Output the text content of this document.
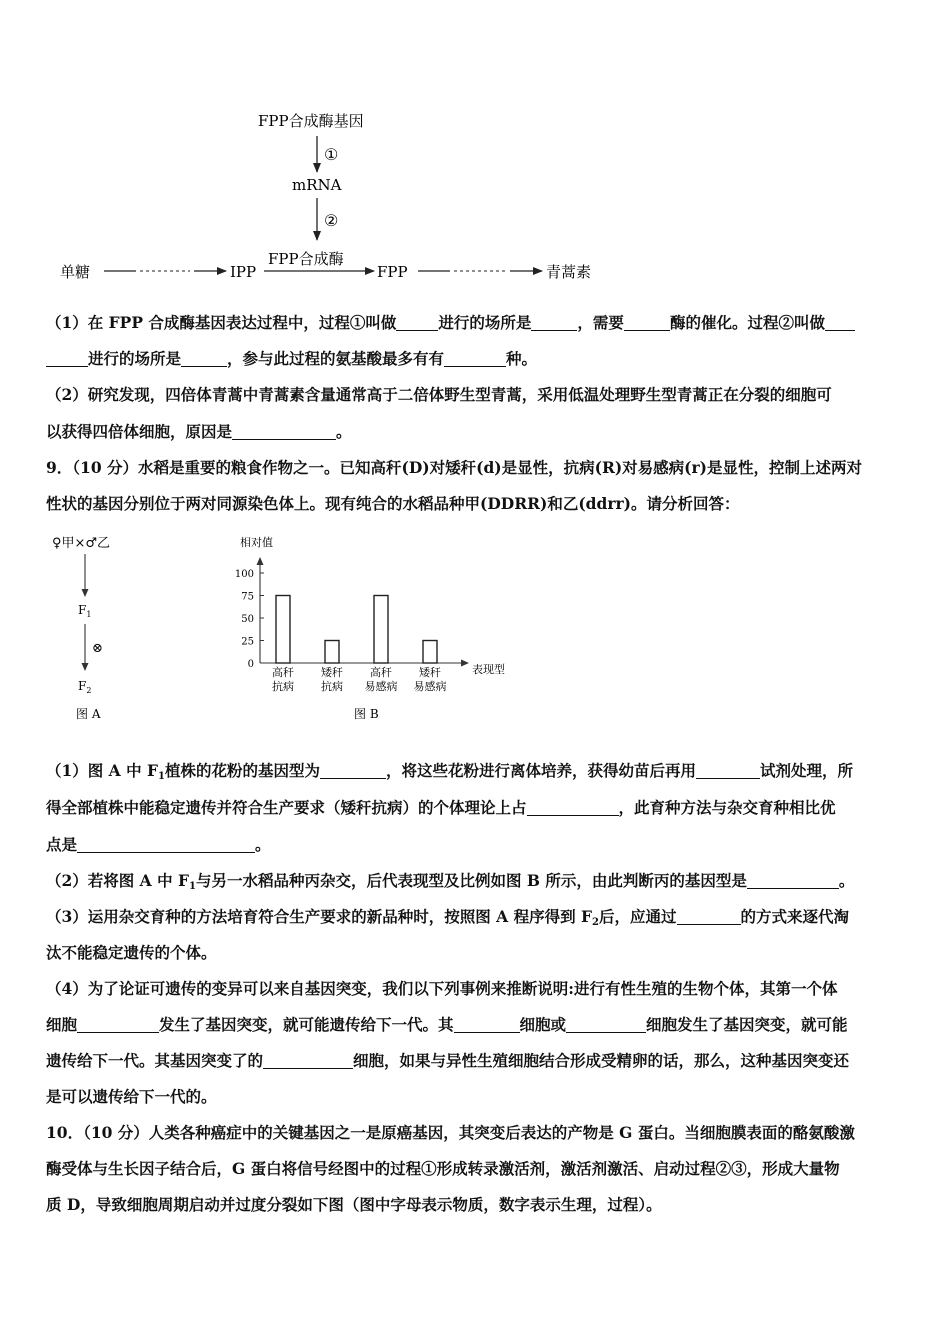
FPP合成酶基因
①
mRNA
②
FPP合成酶
单糖	IPP	FPP	青蒿素
（1）在 FPP 合成酶基因表达过程中，过程①叫做	进行的场所是	，需要	酶的催化。过程②叫做
进行的场所是	，参与此过程的氨基酸最多有有	种。
（2）研究发现，四倍体青蒿中青蒿素含量通常高于二倍体野生型青蒿，采用低温处理野生型青蒿正在分裂的细胞可
以获得四倍体细胞，原因是	。
9．（10 分）水稻是重要的粮食作物之一。已知高秆(D)对矮秆(d)是显性，抗病(R)对易感病(r)是显性，控制上述两对
性状的基因分别位于两对同源染色体上。现有纯合的水稻品种甲(DDRR)和乙(ddrr)。请分析回答：
♀甲×♂乙
$F_1$
⊗
$F_2$
图 A
相对值
表现型
0
25
50
75
100
高秆
抗病
矮秆
抗病
高秆
易感病
矮秆
易感病
图 B
（1）图 A 中 $F_1$植株的花粉的基因型为	，将这些花粉进行离体培养，获得幼苗后再用	试剂处理，所
得全部植株中能稳定遗传并符合生产要求（矮秆抗病）的个体理论上占	，此育种方法与杂交育种相比优
点是	。
（2）若将图 A 中 $F_1$与另一水稻品种丙杂交，后代表现型及比例如图 B 所示，由此判断丙的基因型是	。
（3）运用杂交育种的方法培育符合生产要求的新品种时，按照图 A 程序得到 $F_2$后，应通过	的方式来逐代淘
汰不能稳定遗传的个体。
（4）为了论证可遗传的变异可以来自基因突变，我们以下列事例来推断说明:进行有性生殖的生物个体，其第一个体
细胞	发生了基因突变，就可能遗传给下一代。其	细胞或	细胞发生了基因突变，就可能
遗传给下一代。其基因突变了的	细胞，如果与异性生殖细胞结合形成受精卵的话，那么，这种基因突变还
是可以遗传给下一代的。
10．（10 分）人类各种癌症中的关键基因之一是原癌基因，其突变后表达的产物是 G 蛋白。当细胞膜表面的酪氨酸激
酶受体与生长因子结合后，G 蛋白将信号经图中的过程①形成转录激活剂，激活剂激活、启动过程②③，形成大量物
质 D，导致细胞周期启动并过度分裂如下图（图中字母表示物质，数字表示生理，过程）。
